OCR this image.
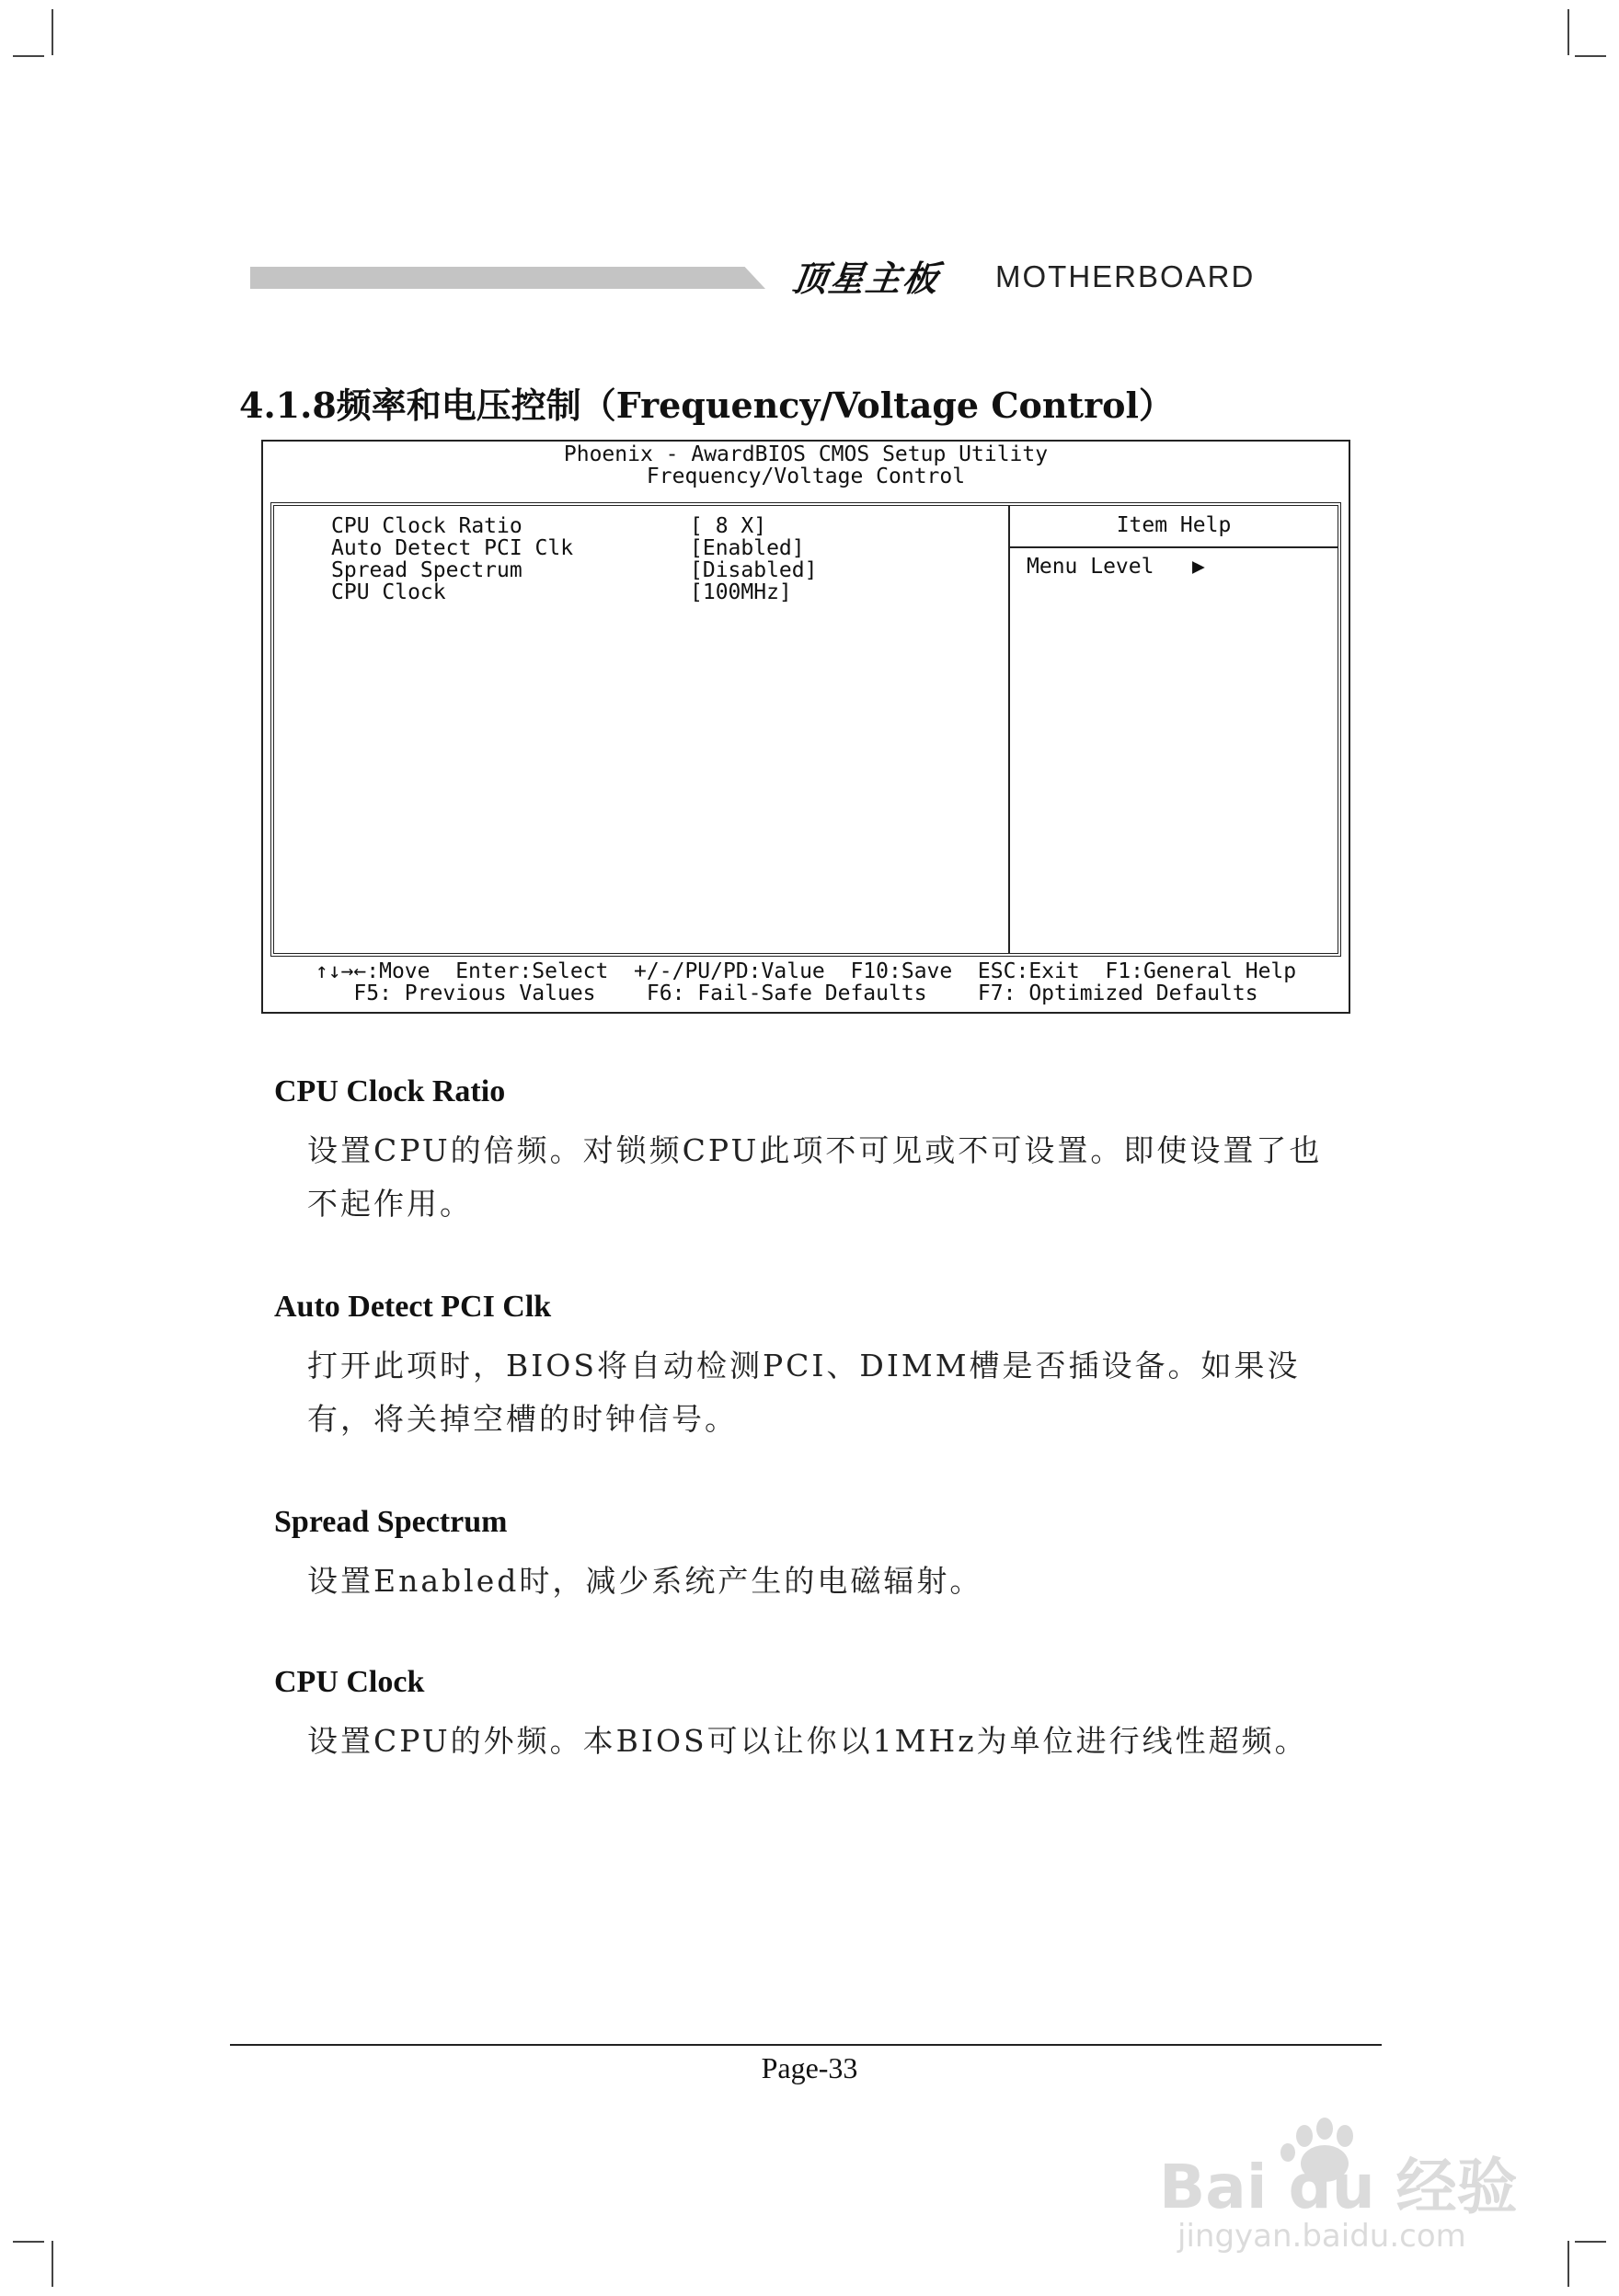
顶星主板 MOTHERBOARD
4.1.8频率和电压控制（Frequency/Voltage Control）
Phoenix - AwardBIOS CMOS Setup Utility
Frequency/Voltage Control
CPU Clock Ratio	[ 8 X]
Auto Detect PCI Clk	[Enabled]
Spread Spectrum	[Disabled]
CPU Clock	[100MHz]
Item Help
Menu Level   ▶
↑↓→←:Move  Enter:Select  +/-/PU/PD:Value  F10:Save  ESC:Exit  F1:General Help
F5: Previous Values    F6: Fail-Safe Defaults    F7: Optimized Defaults
CPU Clock Ratio
设置CPU的倍频。对锁频CPU此项不可见或不可设置。即使设置了也不起作用。
Auto Detect PCI Clk
打开此项时，BIOS将自动检测PCI、DIMM槽是否插设备。如果没有，将关掉空槽的时钟信号。
Spread Spectrum
设置Enabled时，减少系统产生的电磁辐射。
CPU Clock
设置CPU的外频。本BIOS可以让你以1MHz为单位进行线性超频。
Page-33
Bai du 经验
jingyan.baidu.com
